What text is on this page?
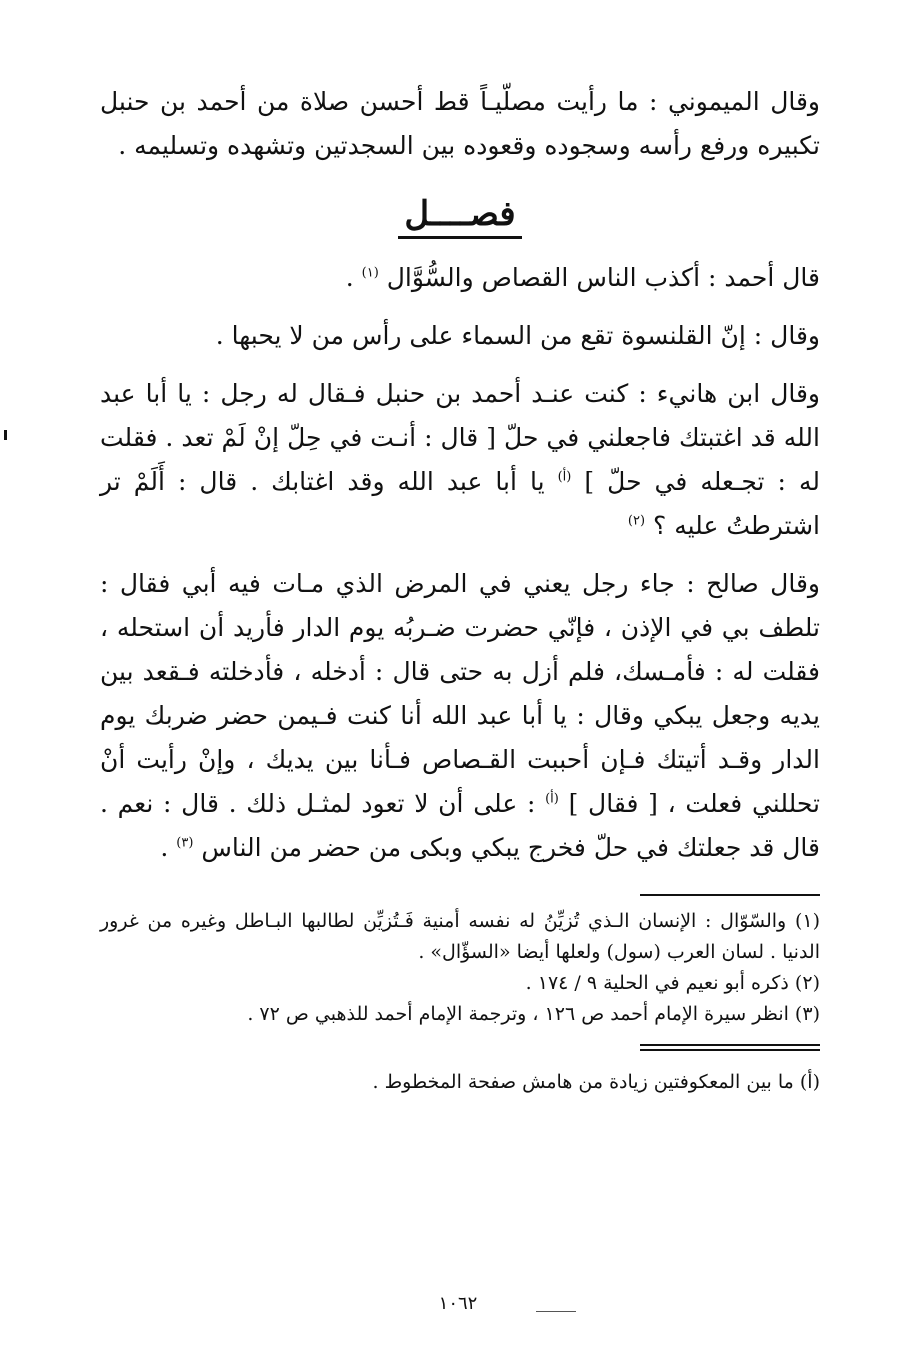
وقال الميموني : ما رأيت مصلّيـاً قط أحسن صلاة من أحمد بن حنبل تكبيره ورفع رأسه وسجوده وقعوده بين السجدتين وتشهده وتسليمه .

فصــــل

قال أحمد : أكذب الناس القصاص والسُّوَّال $^{(١)}$ .

وقال : إنّ القلنسوة تقع من السماء على رأس من لا يحبها .

وقال ابن هانيء : كنت عنـد أحمد بن حنبل فـقال له رجل : يا أبا عبد الله قد اغتبتك فاجعلني في حلّ [ قال : أنـت في حِلّ إنْ لَمْ تعد . فقلت له : تجـعله في حلّ ] $^{(أ)}$ يا أبا عبد الله وقد اغتابك . قال : أَلَمْ تر اشترطتُ عليه ؟ $^{(٢)}$

وقال صالح : جاء رجل يعني في المرض الذي مـات فيه أبي فقال : تلطف بي في الإذن ، فإنّي حضرت ضـربُه يوم الدار فأريد أن استحله ، فقلت له : فأمـسك، فلم أزل به حتى قال : أدخله ، فأدخلته فـقعد بين يديه وجعل يبكي وقال : يا أبا عبد الله أنا كنت فـيمن حضر ضربك يوم الدار وقـد أتيتك فـإن أحببت القـصاص فـأنا بين يديك ، وإنْ رأيت أنْ تحللني فعلت ، [ فقال ] $^{(أ)}$ : على أن لا تعود لمثـل ذلك . قال : نعم . قال قد جعلتك في حلّ فخرج يبكي وبكى من حضر من الناس $^{(٣)}$ .

(١) والسّوّال : الإنسان الـذي تُزيِّنُ له نفسه أمنية فَـتُزيِّن لطالبها البـاطل وغيره من غرور الدنيا . لسان العرب (سول) ولعلها أيضا «السؤّال» .

(٢) ذكره أبو نعيم في الحلية ٩ / ١٧٤ .

(٣) انظر سيرة الإمام أحمد ص ١٢٦ ، وترجمة الإمام أحمد للذهبي ص ٧٢ .

(أ) ما بين المعكوفتين زيادة من هامش صفحة المخطوط .

١٠٦٢
